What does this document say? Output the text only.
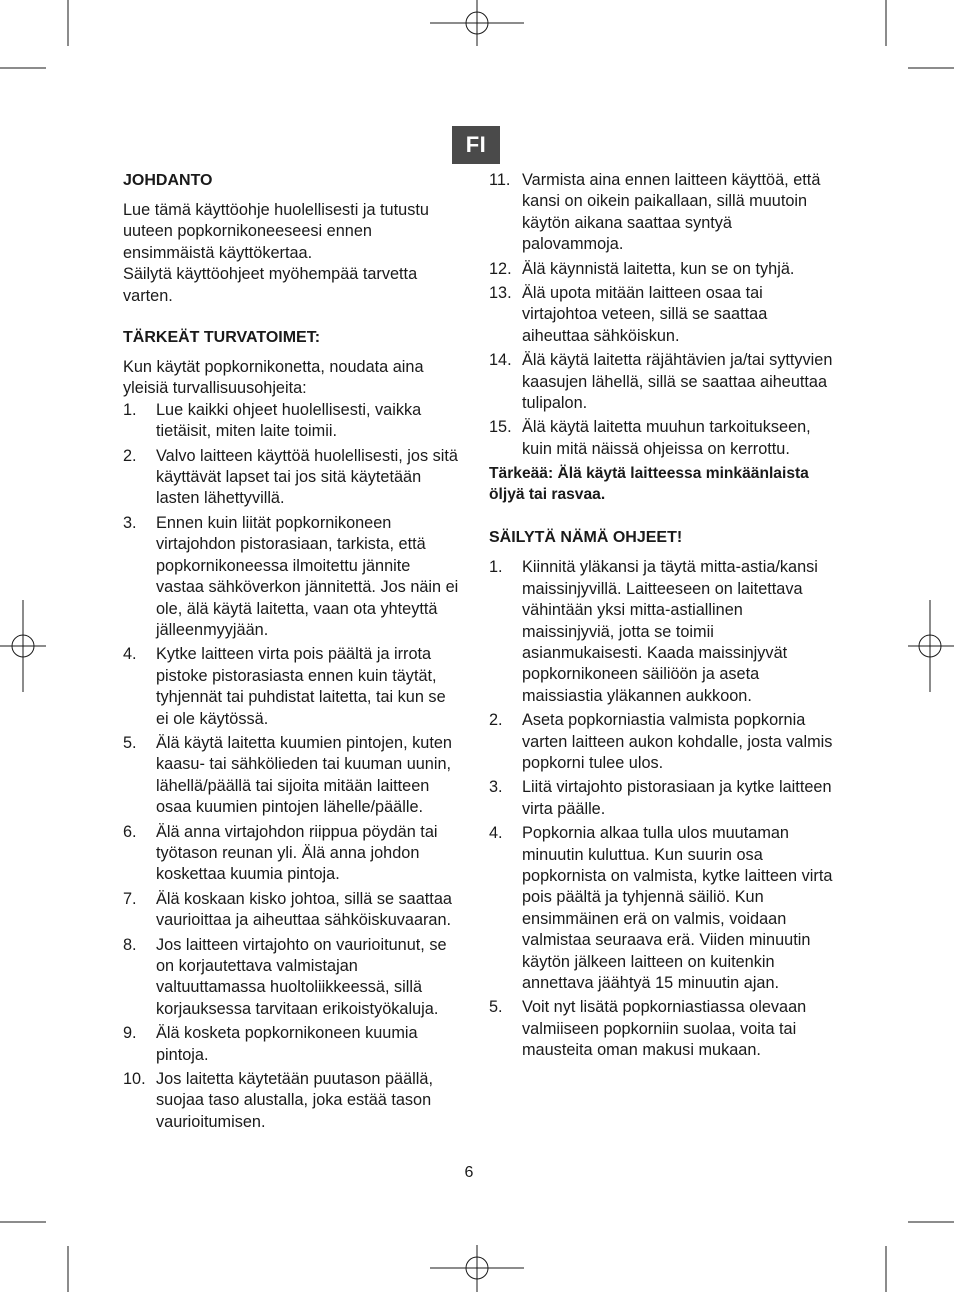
FI
JOHDANTO

Lue tämä käyttöohje huolellisesti ja tutustu uuteen popkornikoneeseesi ennen ensimmäistä käyttökertaa.
Säilytä käyttöohjeet myöhempää tarvetta varten.

TÄRKEÄT TURVATOIMET:

Kun käytät popkornikonetta, noudata aina yleisiä turvallisuusohjeita:

1. Lue kaikki ohjeet huolellisesti, vaikka tietäisit, miten laite toimii.
2. Valvo laitteen käyttöä huolellisesti, jos sitä käyttävät lapset tai jos sitä käytetään lasten lähettyvillä.
3. Ennen kuin liität popkornikoneen virtajohdon pistorasiaan, tarkista, että popkornikoneessa ilmoitettu jännite vastaa sähköverkon jännitettä. Jos näin ei ole, älä käytä laitetta, vaan ota yhteyttä jälleenmyyjään.
4. Kytke laitteen virta pois päältä ja irrota pistoke pistorasiasta ennen kuin täytät, tyhjennät tai puhdistat laitetta, tai kun se ei ole käytössä.
5. Älä käytä laitetta kuumien pintojen, kuten kaasu- tai sähkölieden tai kuuman uunin, lähellä/päällä tai sijoita mitään laitteen osaa kuumien pintojen lähelle/päälle.
6. Älä anna virtajohdon riippua pöydän tai työtason reunan yli. Älä anna johdon koskettaa kuumia pintoja.
7. Älä koskaan kisko johtoa, sillä se saattaa vaurioittaa ja aiheuttaa sähköiskuvaaran.
8. Jos laitteen virtajohto on vaurioitunut, se on korjautettava valmistajan valtuuttamassa huoltoliikkeessä, sillä korjauksessa tarvitaan erikoistyökaluja.
9. Älä kosketa popkornikoneen kuumia pintoja.
10. Jos laitetta käytetään puutason päällä, suojaa taso alustalla, joka estää tason vaurioitumisen.
11. Varmista aina ennen laitteen käyttöä, että kansi on oikein paikallaan, sillä muutoin käytön aikana saattaa syntyä palovammoja.
12. Älä käynnistä laitetta, kun se on tyhjä.
13. Älä upota mitään laitteen osaa tai virtajohtoa veteen, sillä se saattaa aiheuttaa sähköiskun.
14. Älä käytä laitetta räjähtävien ja/tai syttyvien kaasujen lähellä, sillä se saattaa aiheuttaa tulipalon.
15. Älä käytä laitetta muuhun tarkoitukseen, kuin mitä näissä ohjeissa on kerrottu.

Tärkeää: Älä käytä laitteessa minkäänlaista öljyä tai rasvaa.

SÄILYTÄ NÄMÄ OHJEET!
1. Kiinnitä yläkansi ja täytä mitta-astia/kansi maissinjyvillä. Laitteeseen on laitettava vähintään yksi mitta-astiallinen maissinjyviä, jotta se toimii asianmukaisesti. Kaada maissinjyvät popkornikoneen säiliöön ja aseta maissiastia yläkannen aukkoon.
2. Aseta popkorniastia valmista popkornia varten laitteen aukon kohdalle, josta valmis popkorni tulee ulos.
3. Liitä virtajohto pistorasiaan ja kytke laitteen virta päälle.
4. Popkornia alkaa tulla ulos muutaman minuutin kuluttua. Kun suurin osa popkornista on valmista, kytke laitteen virta pois päältä ja tyhjennä säiliö. Kun ensimmäinen erä on valmis, voidaan valmistaa seuraava erä. Viiden minuutin käytön jälkeen laitteen on kuitenkin annettava jäähtyä 15 minuutin ajan.
5. Voit nyt lisätä popkorniastiassa olevaan valmiiseen popkorniin suolaa, voita tai mausteita oman makusi mukaan.
6
